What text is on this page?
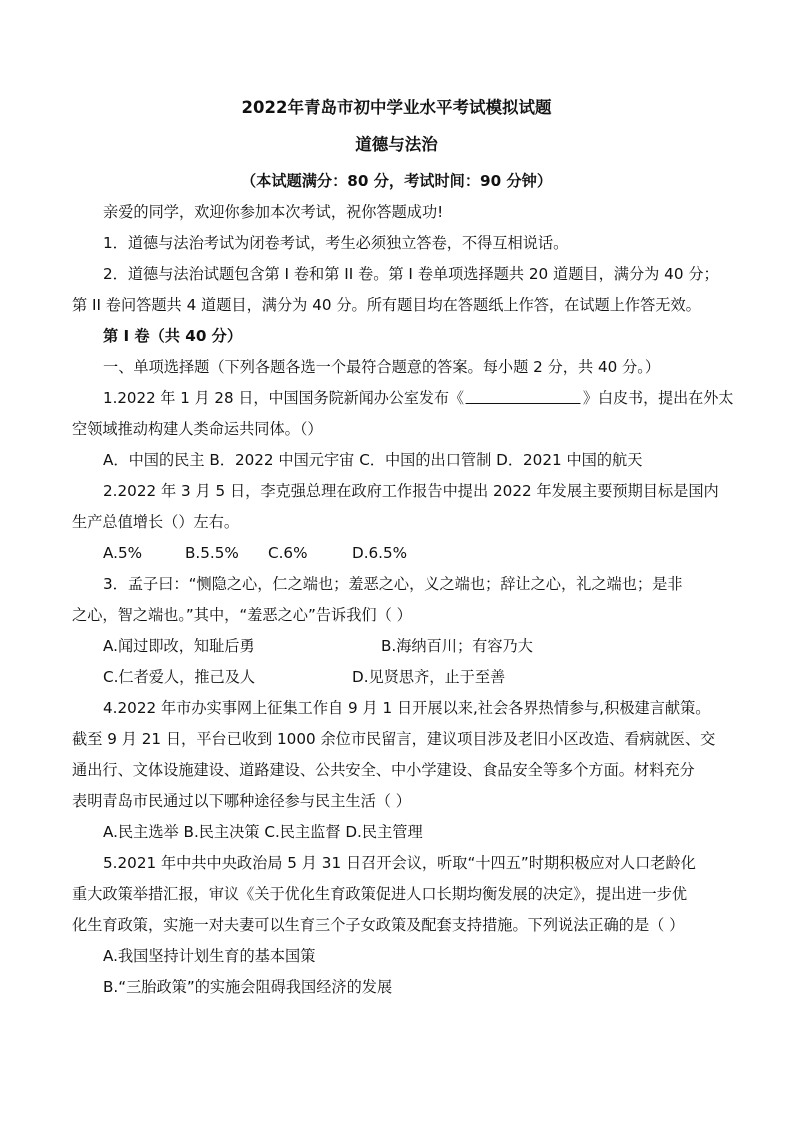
2022年青岛市初中学业水平考试模拟试题
道德与法治
（本试题满分：80 分，考试时间：90 分钟）
亲爱的同学，欢迎你参加本次考试，祝你答题成功!
1．道德与法治考试为闭卷考试，考生必须独立答卷，不得互相说话。
2．道德与法治试题包含第 I 卷和第 II 卷。第 I 卷单项选择题共 20 道题目，满分为 40 分；
第 II 卷问答题共 4 道题目，满分为 40 分。所有题目均在答题纸上作答，在试题上作答无效。
第 I 卷（共 40 分）
一、单项选择题（下列各题各选一个最符合题意的答案。每小题 2 分，共 40 分。）
1.2022 年 1 月 28 日，中国国务院新闻办公室发布《	》白皮书，提出在外太
空领域推动构建人类命运共同体。（）
A．中国的民主 B．2022 中国元宇宙 C．中国的出口管制 D．2021 中国的航天
2.2022 年 3 月 5 日，李克强总理在政府工作报告中提出 2022 年发展主要预期目标是国内
生产总值增长（）左右。
A.5%	B.5.5% C.6%	D.6.5%
3．孟子曰：“恻隐之心，仁之端也；羞恶之心，义之端也；辞让之心，礼之端也；是非
之心，智之端也。”其中，“羞恶之心”告诉我们（ ）
A.闻过即改，知耻后勇	B.海纳百川；有容乃大
C.仁者爱人，推己及人	D.见贤思齐，止于至善
4.2022 年市办实事网上征集工作自 9 月 1 日开展以来,社会各界热情参与,积极建言献策。
截至 9 月 21 日，平台已收到 1000 余位市民留言，建议项目涉及老旧小区改造、看病就医、交
通出行、文体设施建设、道路建设、公共安全、中小学建设、食品安全等多个方面。材料充分
表明青岛市民通过以下哪种途径参与民主生活（ ）
A.民主选举 B.民主决策 C.民主监督 D.民主管理
5.2021 年中共中央政治局 5 月 31 日召开会议，听取“十四五”时期积极应对人口老龄化
重大政策举措汇报，审议《关于优化生育政策促进人口长期均衡发展的决定》，提出进一步优
化生育政策，实施一对夫妻可以生育三个子女政策及配套支持措施。下列说法正确的是（ ）
A.我国坚持计划生育的基本国策
B.“三胎政策”的实施会阻碍我国经济的发展
